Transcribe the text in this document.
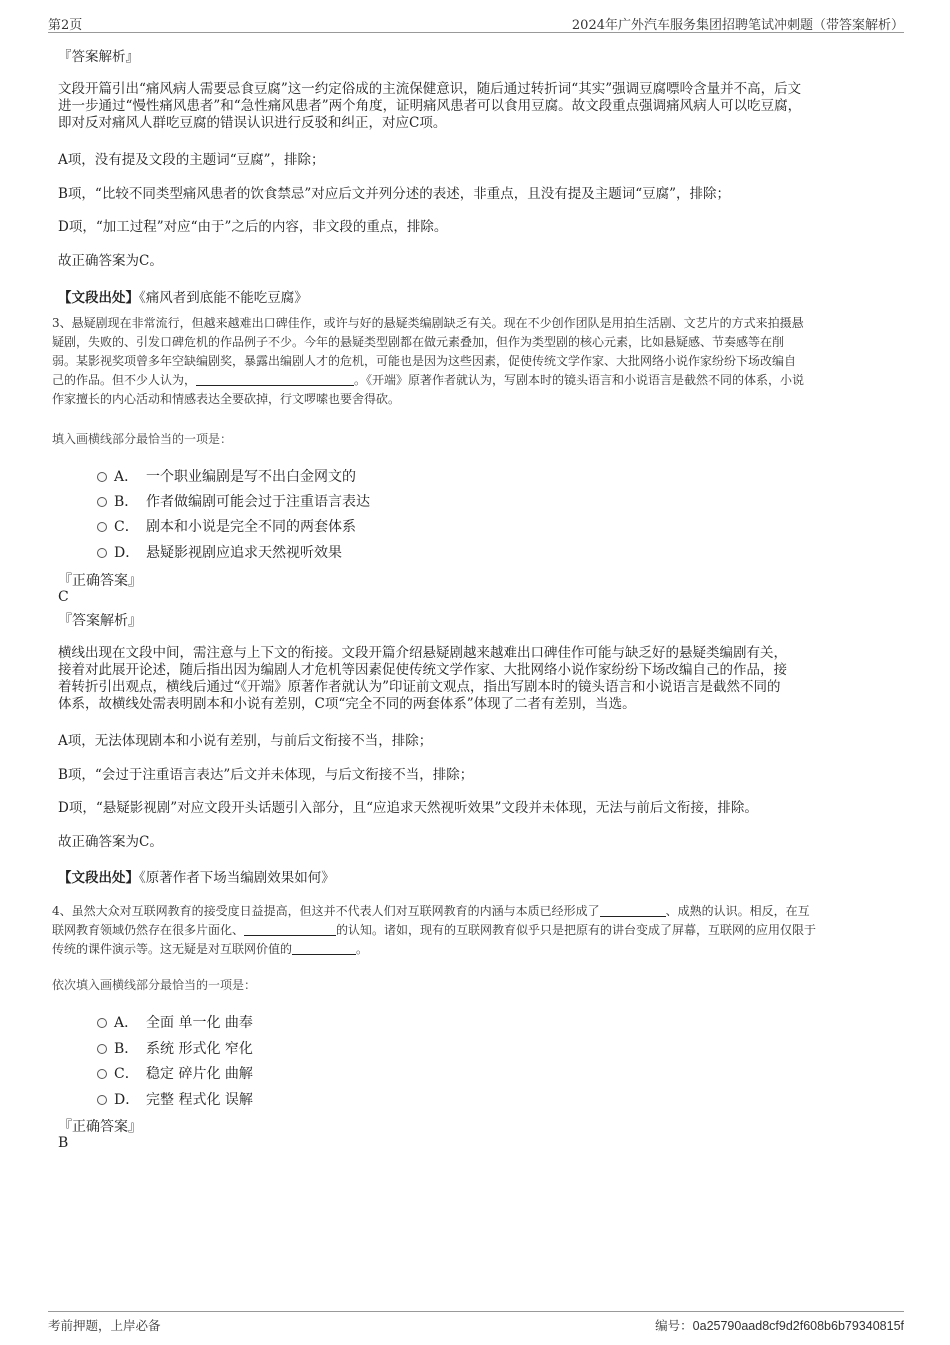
第2页	2024年广外汽车服务集团招聘笔试冲刺题（带答案解析）
『答案解析』

文段开篇引出“痛风病人需要忌食豆腐”这一约定俗成的主流保健意识，随后通过转折词“其实”强调豆腐嘌呤含量并不高，后文

进一步通过“慢性痛风患者”和“急性痛风患者”两个角度，证明痛风患者可以食用豆腐。故文段重点强调痛风病人可以吃豆腐，

即对反对痛风人群吃豆腐的错误认识进行反驳和纠正，对应C项。

A项，没有提及文段的主题词“豆腐”，排除；
B项，“比较不同类型痛风患者的饮食禁忌”对应后文并列分述的表述，非重点，且没有提及主题词“豆腐”，排除；
D项，“加工过程”对应“由于”之后的内容，非文段的重点，排除。
故正确答案为C。
【文段出处】《痛风者到底能不能吃豆腐》

3、悬疑剧现在非常流行，但越来越难出口碑佳作，或许与好的悬疑类编剧缺乏有关。现在不少创作团队是用拍生活剧、文艺片的方式来拍摄悬

疑剧，失败的、引发口碑危机的作品例子不少。今年的悬疑类型剧都在做元素叠加，但作为类型剧的核心元素，比如悬疑感、节奏感等在削

弱。某影视奖项曾多年空缺编剧奖，暴露出编剧人才的危机，可能也是因为这些因素，促使传统文学作家、大批网络小说作家纷纷下场改编自

己的作品。但不少人认为，	。《开端》原著作者就认为，写剧本时的镜头语言和小说语言是截然不同的体系，小说

作家擅长的内心活动和情感表达全要砍掉，行文啰嗦也要舍得砍。

填入画横线部分最恰当的一项是：
A． 一个职业编剧是写不出白金网文的
B． 作者做编剧可能会过于注重语言表达
C． 剧本和小说是完全不同的两套体系
D． 悬疑影视剧应追求天然视听效果
『正确答案』
C
『答案解析』

横线出现在文段中间，需注意与上下文的衔接。文段开篇介绍悬疑剧越来越难出口碑佳作可能与缺乏好的悬疑类编剧有关，

接着对此展开论述，随后指出因为编剧人才危机等因素促使传统文学作家、大批网络小说作家纷纷下场改编自己的作品，接

着转折引出观点，横线后通过“《开端》原著作者就认为”印证前文观点，指出写剧本时的镜头语言和小说语言是截然不同的

体系，故横线处需表明剧本和小说有差别，C项“完全不同的两套体系”体现了二者有差别，当选。

A项，无法体现剧本和小说有差别，与前后文衔接不当，排除；
B项，“会过于注重语言表达”后文并未体现，与后文衔接不当，排除；
D项，“悬疑影视剧”对应文段开头话题引入部分，且“应追求天然视听效果”文段并未体现，无法与前后文衔接，排除。
故正确答案为C。
【文段出处】《原著作者下场当编剧效果如何》

4、虽然大众对互联网教育的接受度日益提高，但这并不代表人们对互联网教育的内涵与本质已经形成了	、成熟的认识。相反，在互

联网教育领域仍然存在很多片面化、	的认知。诸如，现有的互联网教育似乎只是把原有的讲台变成了屏幕，互联网的应用仅限于

传统的课件演示等。这无疑是对互联网价值的	。

依次填入画横线部分最恰当的一项是：
A． 全面 单一化 曲奉
B． 系统 形式化 窄化
C． 稳定 碎片化 曲解
D． 完整 程式化 误解
『正确答案』
B
考前押题，上岸必备	编号：0a25790aad8cf9d2f608b6b79340815f
